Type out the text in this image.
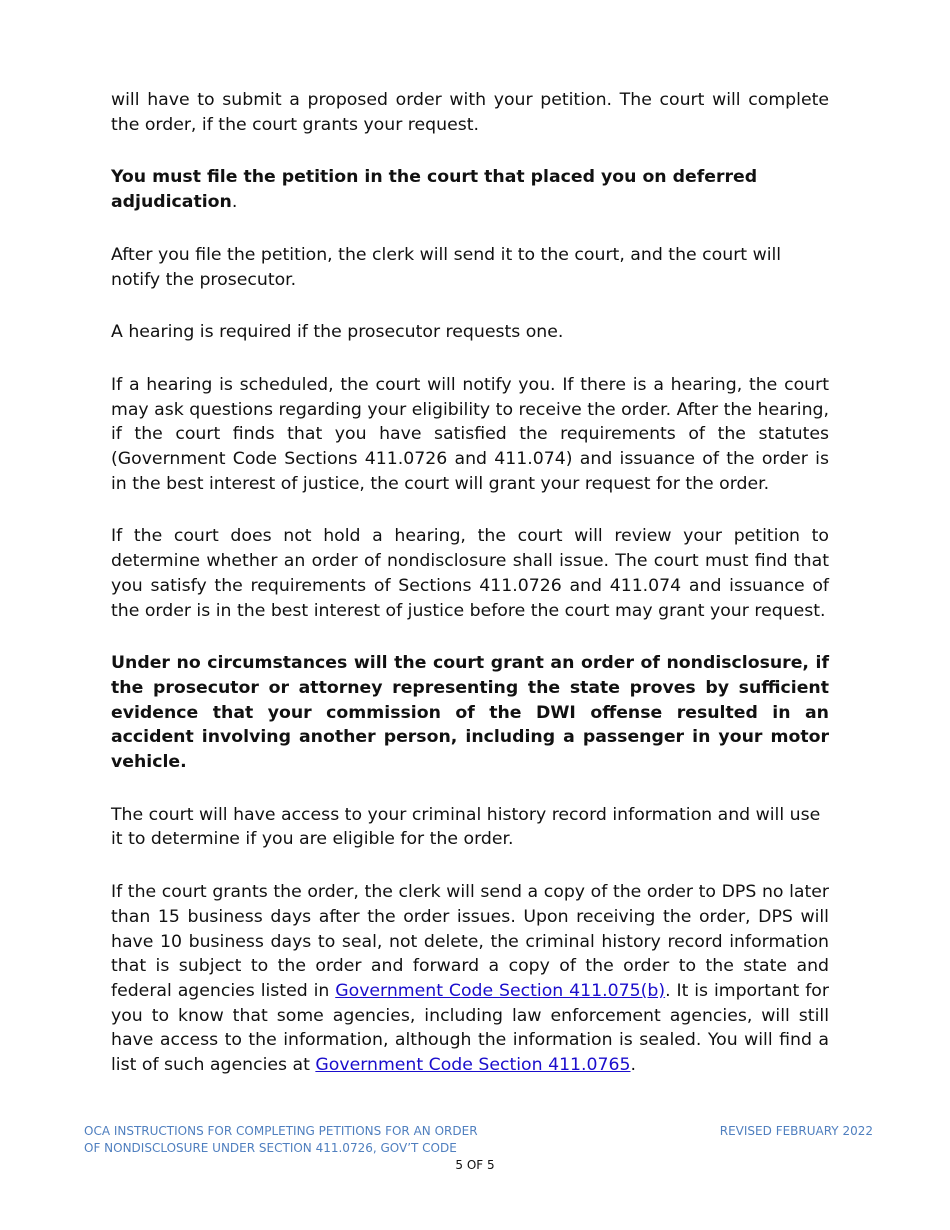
will have to submit a proposed order with your petition. The court will complete the order, if the court grants your request.

You must file the petition in the court that placed you on deferred adjudication.

After you file the petition, the clerk will send it to the court, and the court will notify the prosecutor.

A hearing is required if the prosecutor requests one.

If a hearing is scheduled, the court will notify you. If there is a hearing, the court may ask questions regarding your eligibility to receive the order. After the hearing, if the court finds that you have satisfied the requirements of the statutes (Government Code Sections 411.0726 and 411.074) and issuance of the order is in the best interest of justice, the court will grant your request for the order.

If the court does not hold a hearing, the court will review your petition to determine whether an order of nondisclosure shall issue. The court must find that you satisfy the requirements of Sections 411.0726 and 411.074 and issuance of the order is in the best interest of justice before the court may grant your request.

Under no circumstances will the court grant an order of nondisclosure, if the prosecutor or attorney representing the state proves by sufficient evidence that your commission of the DWI offense resulted in an accident involving another person, including a passenger in your motor vehicle.

The court will have access to your criminal history record information and will use it to determine if you are eligible for the order.

If the court grants the order, the clerk will send a copy of the order to DPS no later than 15 business days after the order issues. Upon receiving the order, DPS will have 10 business days to seal, not delete, the criminal history record information that is subject to the order and forward a copy of the order to the state and federal agencies listed in Government Code Section 411.075(b). It is important for you to know that some agencies, including law enforcement agencies, will still have access to the information, although the information is sealed. You will find a list of such agencies at Government Code Section 411.0765.

OCA INSTRUCTIONS FOR COMPLETING PETITIONS FOR AN ORDER
OF NONDISCLOSURE UNDER SECTION 411.0726, GOV’T CODE
REVISED FEBRUARY 2022
5 OF 5
